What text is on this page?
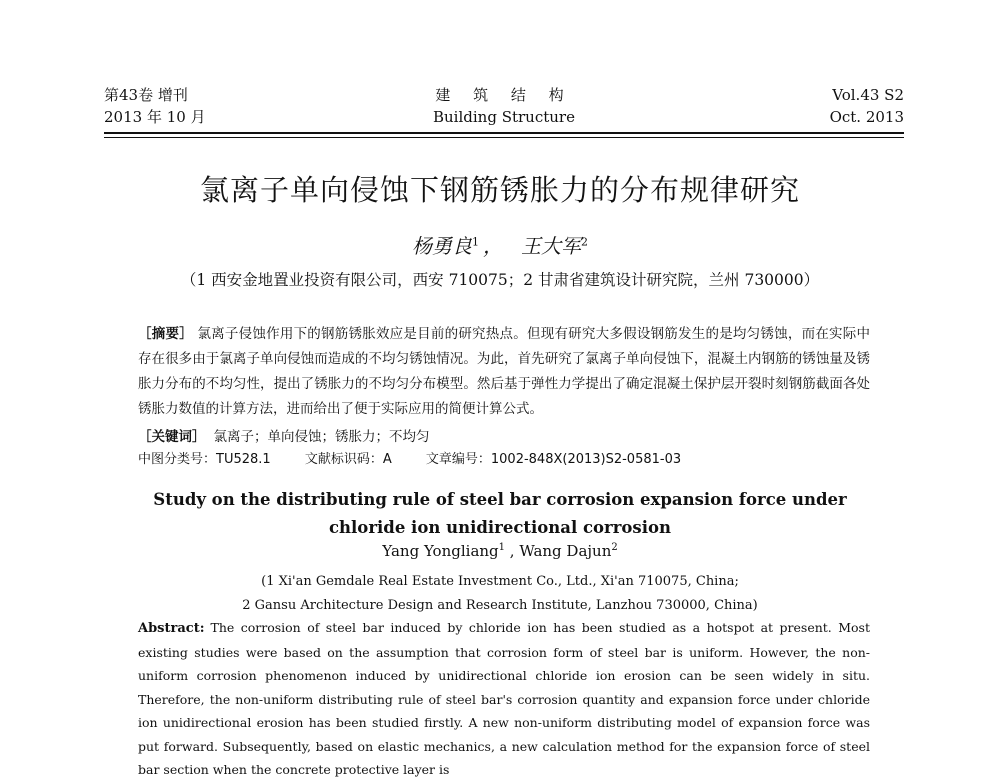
第43卷 增刊
2013 年 10 月
建 筑 结 构
Building Structure
Vol.43 S2
Oct. 2013
氯离子单向侵蚀下钢筋锈胀力的分布规律研究
杨勇良$^1$ ， 王大军$^2$
（1 西安金地置业投资有限公司，西安 710075；2 甘肃省建筑设计研究院，兰州 730000）
［摘要］ 氯离子侵蚀作用下的钢筋锈胀效应是目前的研究热点。但现有研究大多假设钢筋发生的是均匀锈蚀，而在实际中存在很多由于氯离子单向侵蚀而造成的不均匀锈蚀情况。为此，首先研究了氯离子单向侵蚀下，混凝土内钢筋的锈蚀量及锈胀力分布的不均匀性，提出了锈胀力的不均匀分布模型。然后基于弹性力学提出了确定混凝土保护层开裂时刻钢筋截面各处锈胀力数值的计算方法，进而给出了便于实际应用的简便计算公式。
［关键词］ 氯离子；单向侵蚀；锈胀力；不均匀
中图分类号：TU528.1	文献标识码：A	文章编号：1002-848X(2013)S2-0581-03
Study on the distributing rule of steel bar corrosion expansion force under
chloride ion unidirectional corrosion
Yang Yongliang$^1$ , Wang Dajun$^2$
(1 Xi'an Gemdale Real Estate Investment Co., Ltd., Xi'an 710075, China;
2 Gansu Architecture Design and Research Institute, Lanzhou 730000, China)
Abstract: The corrosion of steel bar induced by chloride ion has been studied as a hotspot at present. Most existing studies were based on the assumption that corrosion form of steel bar is uniform. However, the non-uniform corrosion phenomenon induced by unidirectional chloride ion erosion can be seen widely in situ. Therefore, the non-uniform distributing rule of steel bar's corrosion quantity and expansion force under chloride ion unidirectional erosion has been studied firstly. A new non-uniform distributing model of expansion force was put forward. Subsequently, based on elastic mechanics, a new calculation method for the expansion force of steel bar section when the concrete protective layer is
